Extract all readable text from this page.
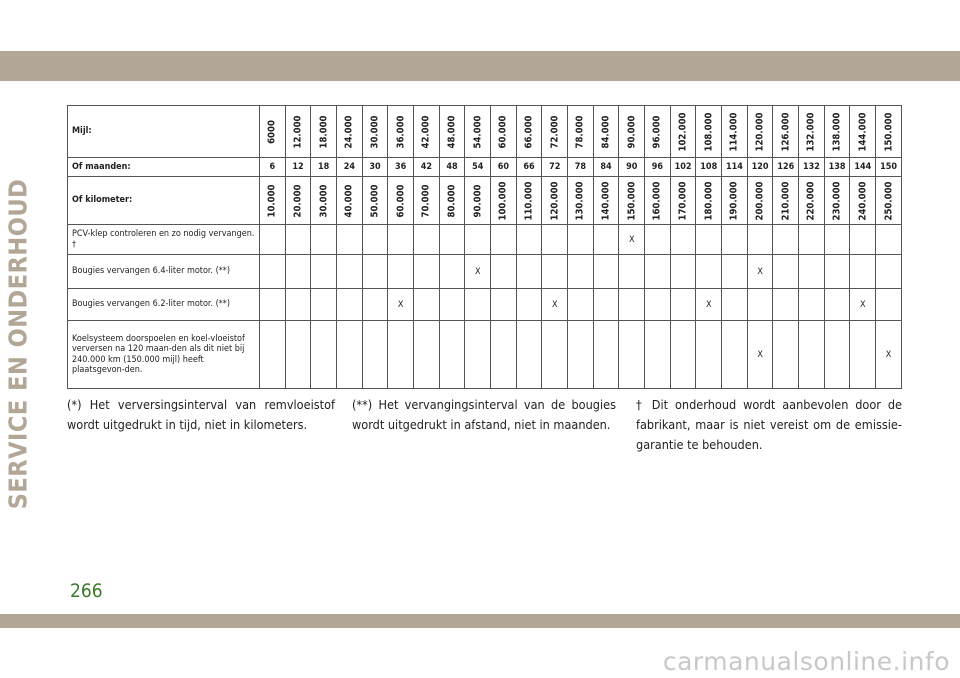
SERVICE EN ONDERHOUD
Mijl:	6000	12.000	18.000	24.000	30.000	36.000	42.000	48.000	54.000	60.000	66.000	72.000	78.000	84.000	90.000	96.000	102.000	108.000	114.000	120.000	126.000	132.000	138.000	144.000	150.000

Of maanden:	6	12	18	24	30	36	42	48	54	60	66	72	78	84	90	96	102	108	114	120	126	132	138	144	150
Of kilometer:	10.000	20.000	30.000	40.000	50.000	60.000	70.000	80.000	90.000	100.000	110.000	120.000	130.000	140.000	150.000	160.000	170.000	180.000	190.000	200.000	210.000	220.000	230.000	240.000	250.000

PCV-klep controleren en zo nodig vervangen. †															X										
Bougies vervangen 6.4-liter motor. (**)									X											X					
Bougies vervangen 6.2-liter motor. (**)						X						X						X						X	
Koelsysteem doorspoelen en koel-vloeistof verversen na 120 maan-den als dit niet bij 240.000 km (150.000 mijl) heeft plaatsgevon-den.																				X					X
(*) Het verversingsinterval van remvloeistof wordt uitgedrukt in tijd, niet in kilometers.
(**) Het vervangingsinterval van de bougies wordt uitgedrukt in afstand, niet in maanden.
† Dit onderhoud wordt aanbevolen door de fabrikant, maar is niet vereist om de emissie-garantie te behouden.
266
carmanualsonline.info
